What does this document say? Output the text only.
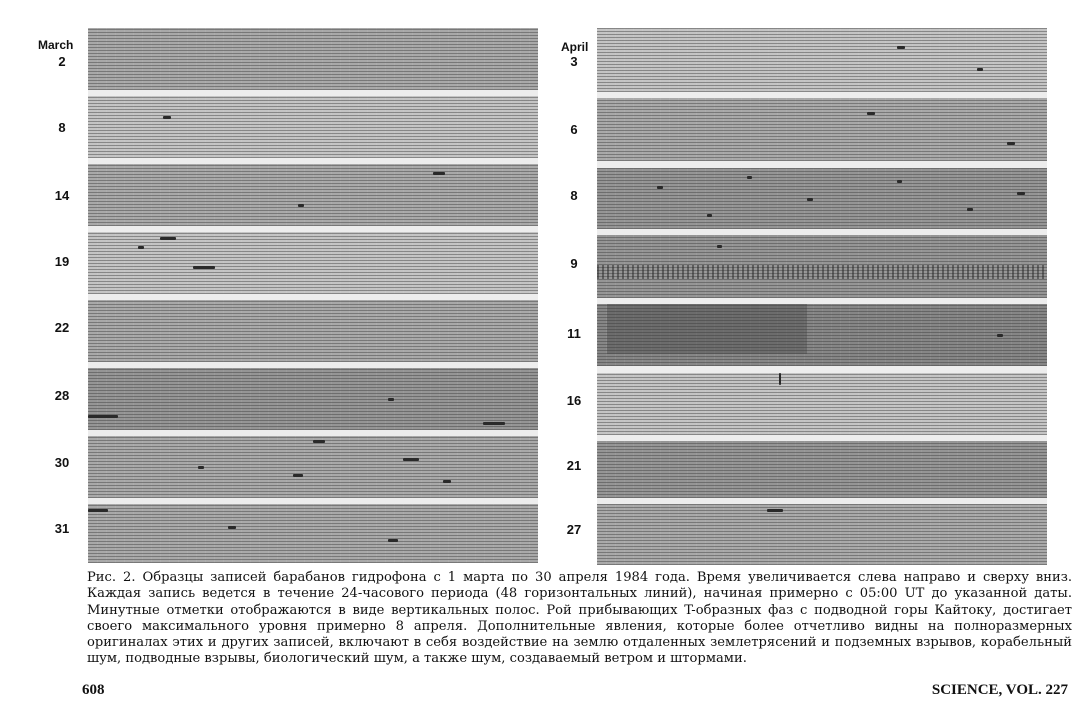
March
2
8
14
19
22
28
30
31
April
3
6
8
9
11
16
21
27
Рис. 2. Образцы записей барабанов гидрофона с 1 марта по 30 апреля 1984 года. Время увеличивается слева направо и сверху вниз. Каждая запись ведется в течение 24-часового периода (48 горизонтальных линий), начиная примерно с 05:00 UT до указанной даты. Минутные отметки отображаются в виде вертикальных полос. Рой прибывающих T-образных фаз с подводной горы Кайтоку, достигает своего максимального уровня примерно 8 апреля. Дополнительные явления, которые более отчетливо видны на полноразмерных оригиналах этих и других записей, включают в себя воздействие на землю отдаленных землетрясений и подземных взрывов, корабельный шум, подводные взрывы, биологический шум, а также шум, создаваемый ветром и штормами.
608	SCIENCE, VOL. 227
